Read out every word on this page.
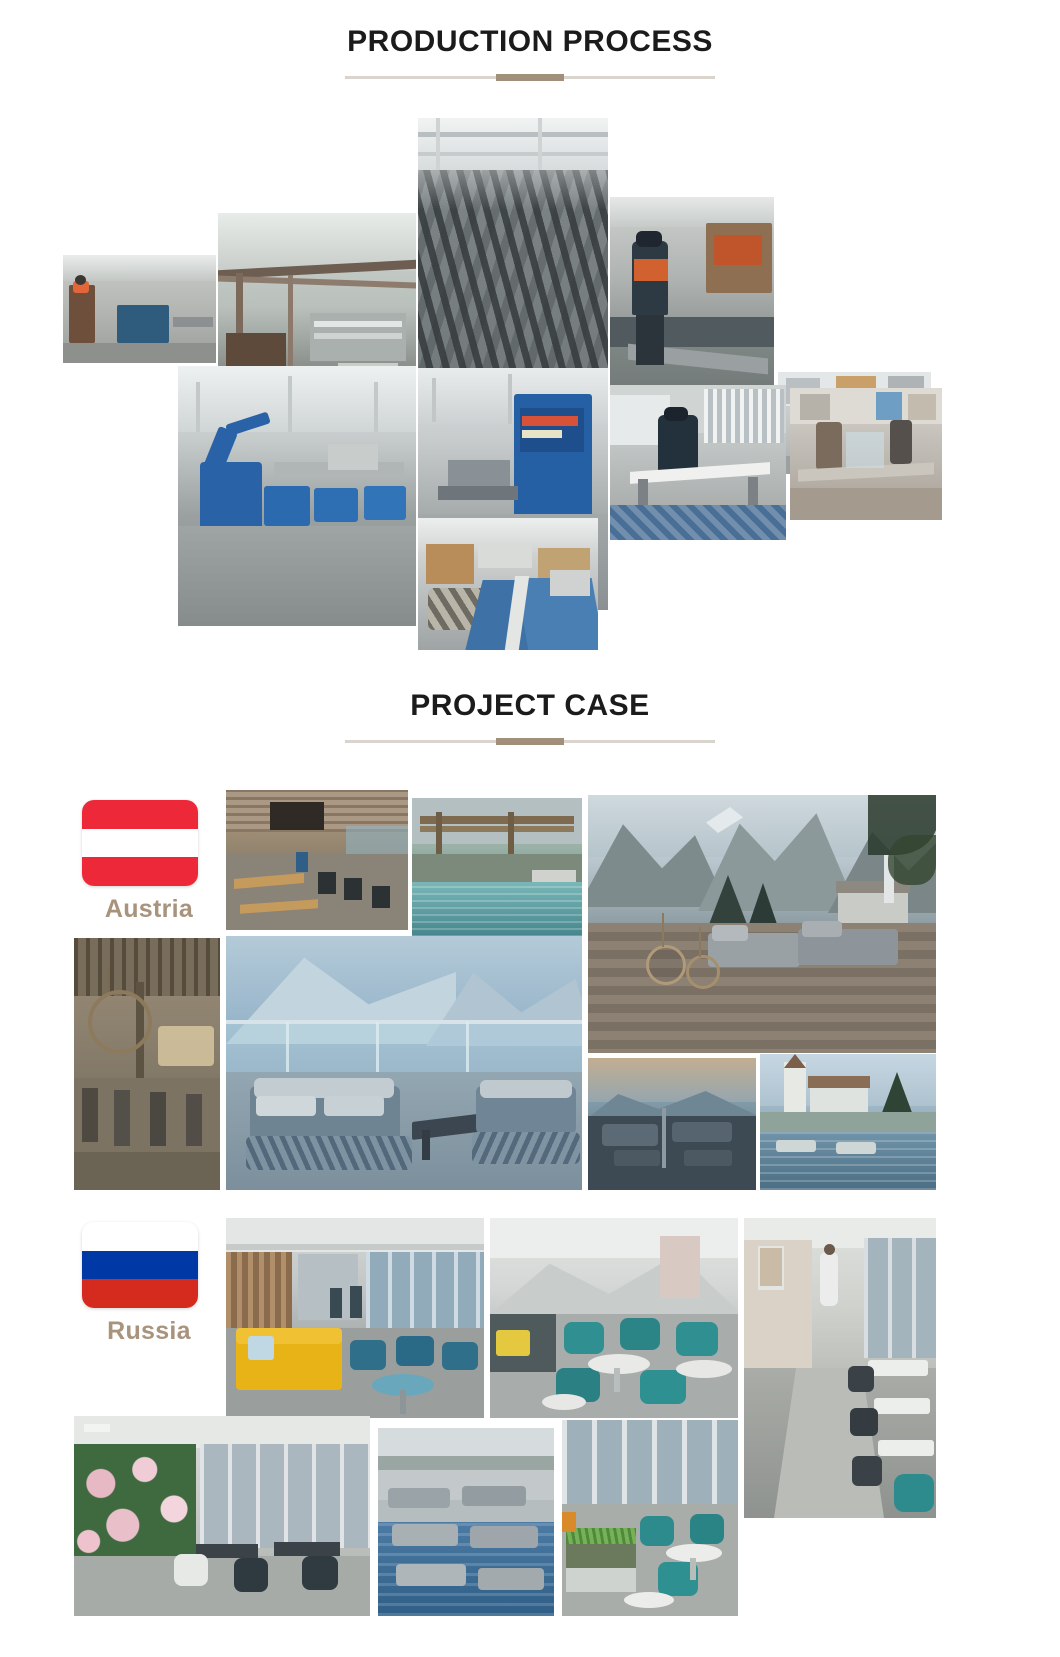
PRODUCTION PROCESS
PROJECT CASE
Austria
Russia
